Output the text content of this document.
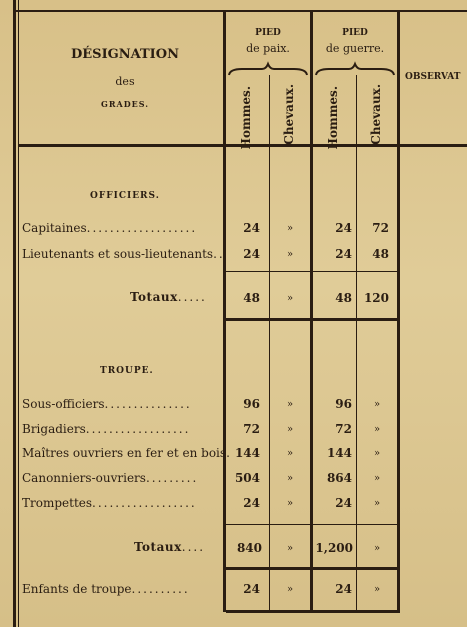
DÉSIGNATION
des
GRADES.
PIED
de paix.
PIED
de guerre.
Hommes. Chevaux.	Hommes. Chevaux.
OBSERVAT
OFFICIERS.
Capitaines...................	24	»	24	72
Lieutenants et sous-lieutenants..	24	»	24	48
Totaux.....	48	»	48 120
TROUPE.
Sous-officiers...............	96	»	96	»
Brigadiers..................	72	»	72	»
Maîtres ouvriers en fer et en bois. 144	»	144	»
Canonniers-ouvriers.........	504	»	864	»
Trompettes..................	24	»	24	»
Totaux....	840	»	1,200	»
Enfants de troupe..........	24	»	24	»
